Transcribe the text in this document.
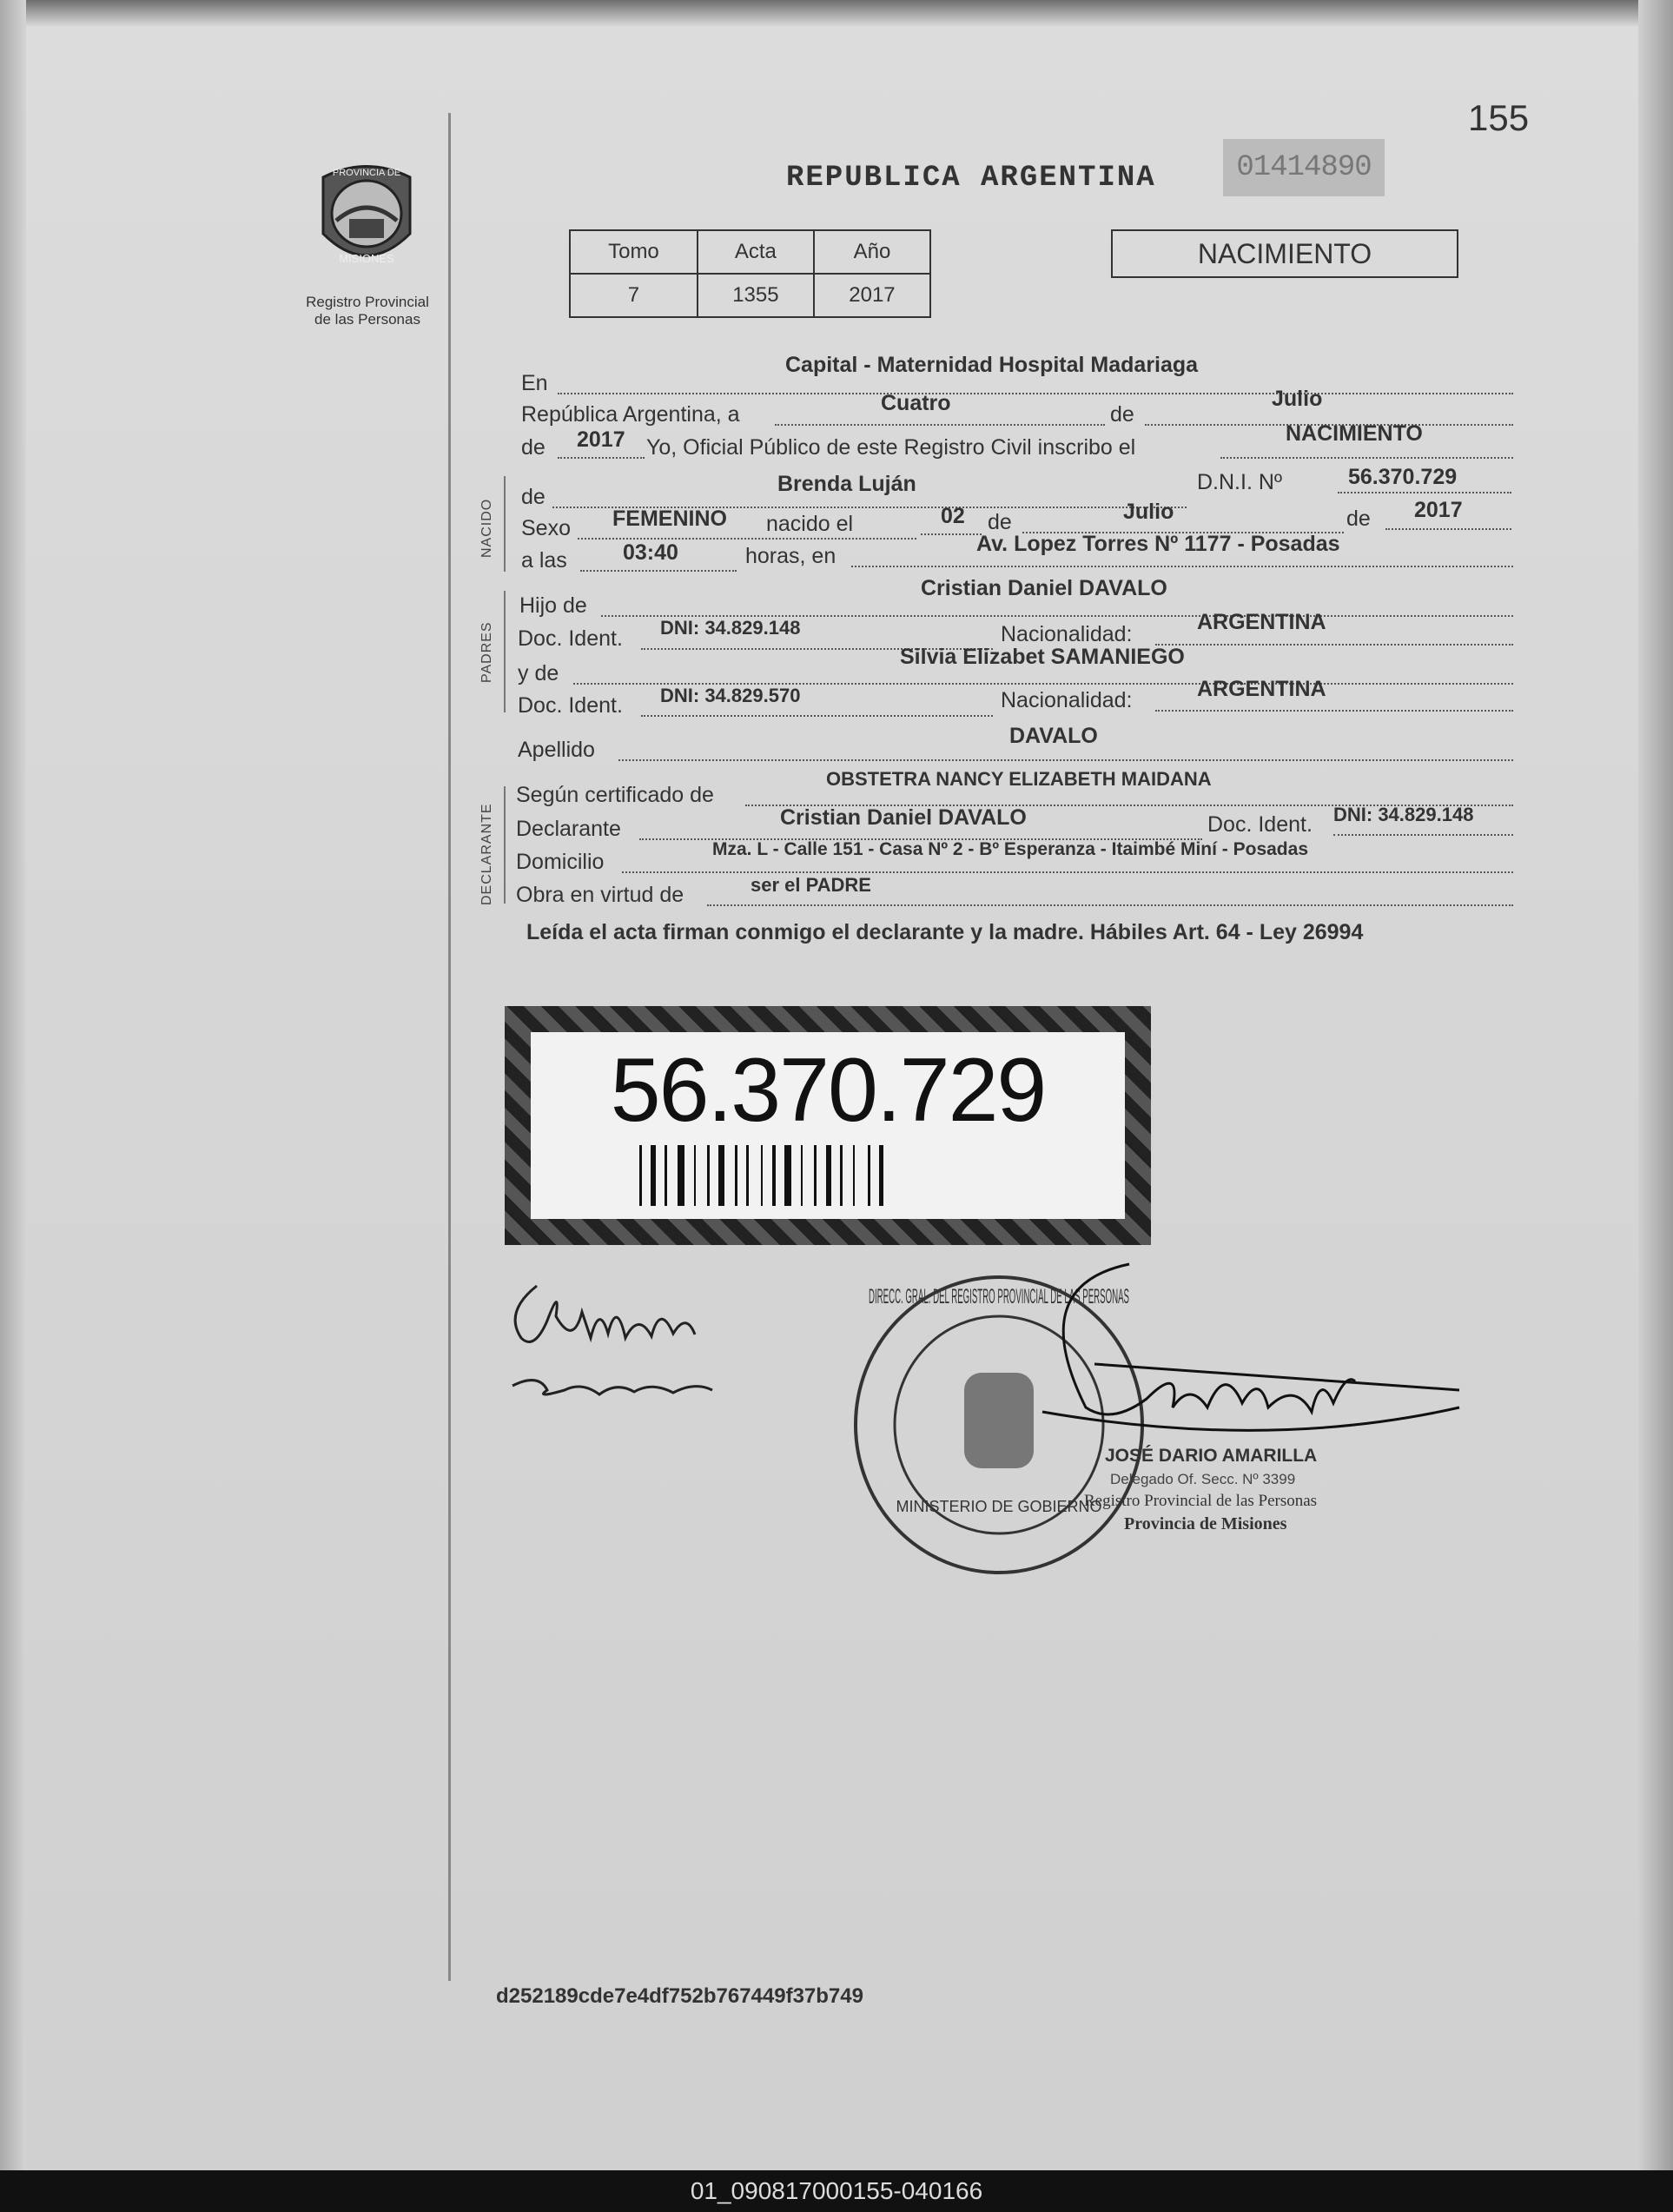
155
PROVINCIA DE
MISIONES
Registro Provincial
de las Personas
REPUBLICA ARGENTINA	01414890
Tomo	Acta	Año
7	1355	2017
NACIMIENTO
NACIDO
PADRES
DECLARANTE
En
Capital - Maternidad Hospital Madariaga
República Argentina, a	Cuatro	de
Julio
de 2017 Yo, Oficial Público de este Registro Civil inscribo el
NACIMIENTO
de
Brenda Luján	D.N.I. Nº	56.370.729
Sexo FEMENINO nacido el	02 de	Julio	de 2017
a las	03:40	horas, en	Av. Lopez Torres Nº 1177 - Posadas
Hijo de
Cristian Daniel DAVALO
Doc. Ident. DNI: 34.829.148	Nacionalidad:	ARGENTINA
y de
Silvia Elizabet SAMANIEGO
Doc. Ident. DNI: 34.829.570	Nacionalidad:	ARGENTINA
Apellido
DAVALO
Según certificado de
OBSTETRA NANCY ELIZABETH MAIDANA
Declarante	Cristian Daniel DAVALO	Doc. Ident. DNI: 34.829.148
Domicilio
Mza. L - Calle 151 - Casa Nº 2 - Bº Esperanza - Itaimbé Miní - Posadas
Obra en virtud de	ser el PADRE
Leída el acta firman conmigo el declarante y la madre. Hábiles Art. 64 - Ley 26994
56.370.729
DIRECC. GRAL. DEL REGISTRO PROVINCIAL DE LAS PERSONAS
MINISTERIO DE GOBIERNO
JOSÉ DARIO AMARILLA
Delegado Of. Secc. Nº 3399
Registro Provincial de las Personas
Provincia de Misiones
d252189cde7e4df752b767449f37b749
01_090817000155-040166
